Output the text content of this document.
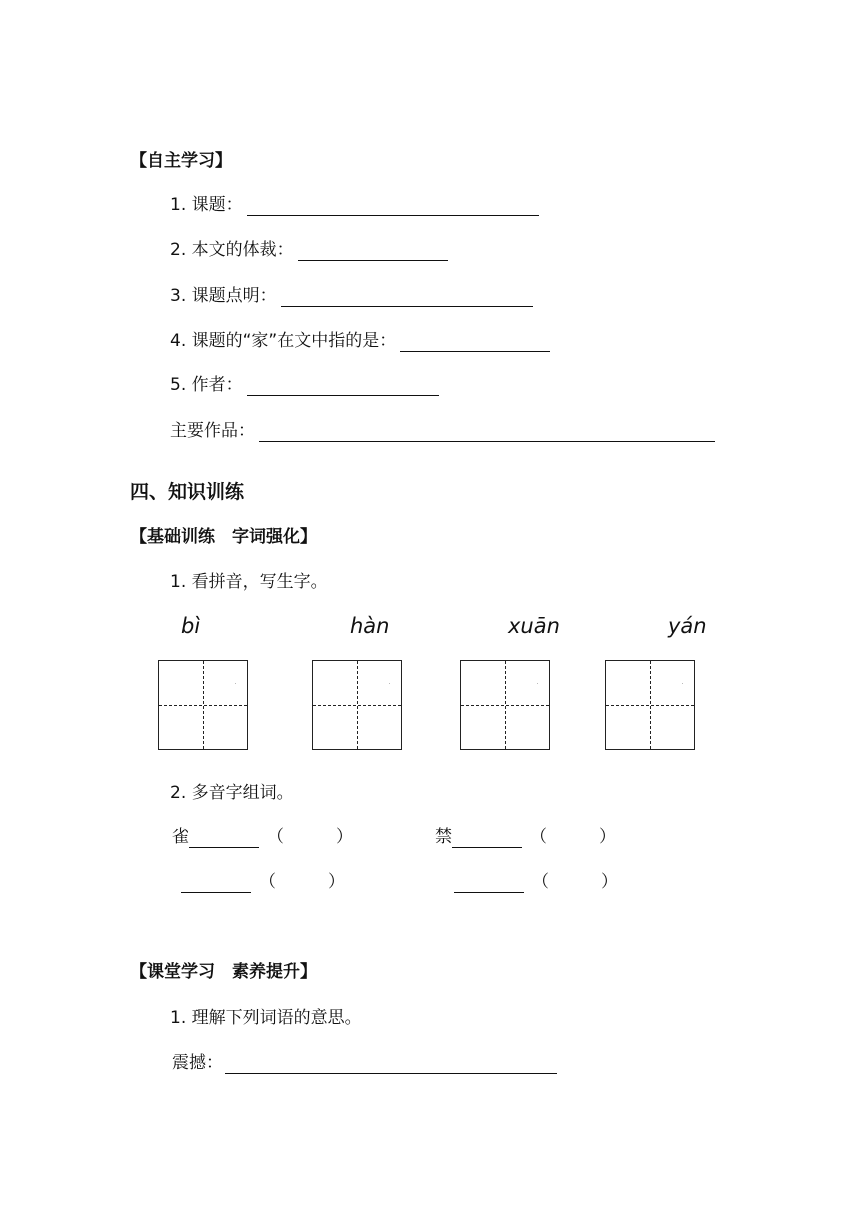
【自主学习】
1. 课题：
2. 本文的体裁：
3. 课题点明：
4. 课题的“家”在文中指的是：
5. 作者：
主要作品：
四、知识训练
【基础训练　字词强化】
1. 看拼音，写生字。
bì	hàn	xuān	yán
2. 多音字组词。
雀	（	）	禁	（	）
（	）	（	）
【课堂学习　素养提升】
1. 理解下列词语的意思。
震撼：
